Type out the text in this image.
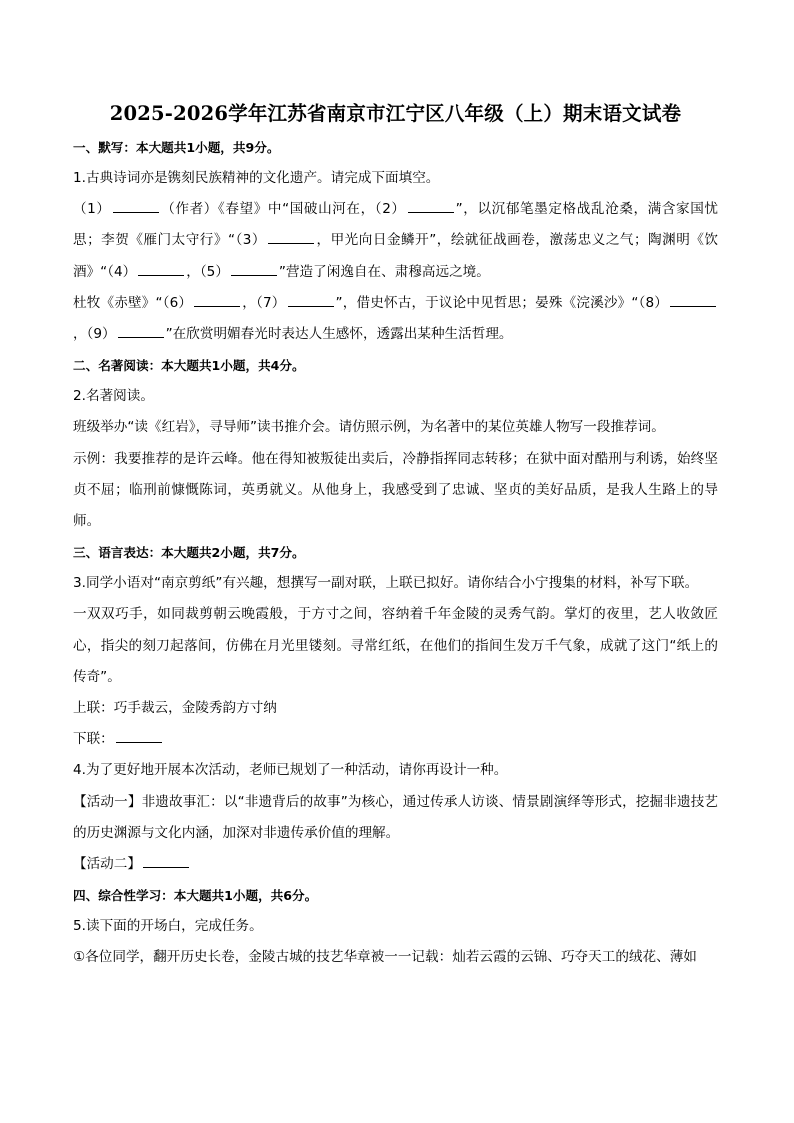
2025-2026学年江苏省南京市江宁区八年级（上）期末语文试卷
一、默写：本大题共1小题，共9分。
1.古典诗词亦是镌刻民族精神的文化遗产。请完成下面填空。
（1）	（作者）《春望》中“国破山河在，（2）	”，以沉郁笔墨定格战乱沧桑，满含家国忧思；李贺《雁门太守行》“（3）	，甲光向日金鳞开”，绘就征战画卷，激荡忠义之气；陶渊明《饮酒》“（4）	，（5）	”营造了闲逸自在、肃穆高远之境。
杜牧《赤壁》“（6）	，（7）	”，借史怀古，于议论中见哲思；晏殊《浣溪沙》“（8），（9）	”在欣赏明媚春光时表达人生感怀，透露出某种生活哲理。
二、名著阅读：本大题共1小题，共4分。
2.名著阅读。
班级举办“读《红岩》，寻导师”读书推介会。请仿照示例，为名著中的某位英雄人物写一段推荐词。
示例：我要推荐的是许云峰。他在得知被叛徒出卖后，冷静指挥同志转移；在狱中面对酷刑与利诱，始终坚贞不屈；临刑前慷慨陈词，英勇就义。从他身上，我感受到了忠诚、坚贞的美好品质，是我人生路上的导师。
三、语言表达：本大题共2小题，共7分。
3.同学小语对“南京剪纸”有兴趣，想撰写一副对联，上联已拟好。请你结合小宁搜集的材料，补写下联。
一双双巧手，如同裁剪朝云晚霞般，于方寸之间，容纳着千年金陵的灵秀气韵。掌灯的夜里，艺人收敛匠心，指尖的刻刀起落间，仿佛在月光里镂刻。寻常红纸，在他们的指间生发万千气象，成就了这门“纸上的传奇”。
上联：巧手裁云，金陵秀韵方寸纳
下联：
4.为了更好地开展本次活动，老师已规划了一种活动，请你再设计一种。
【活动一】非遗故事汇：以“非遗背后的故事”为核心，通过传承人访谈、情景剧演绎等形式，挖掘非遗技艺的历史渊源与文化内涵，加深对非遗传承价值的理解。
【活动二】
四、综合性学习：本大题共1小题，共6分。
5.读下面的开场白，完成任务。
①各位同学，翻开历史长卷，金陵古城的技艺华章被一一记载：灿若云霞的云锦、巧夺天工的绒花、薄如
